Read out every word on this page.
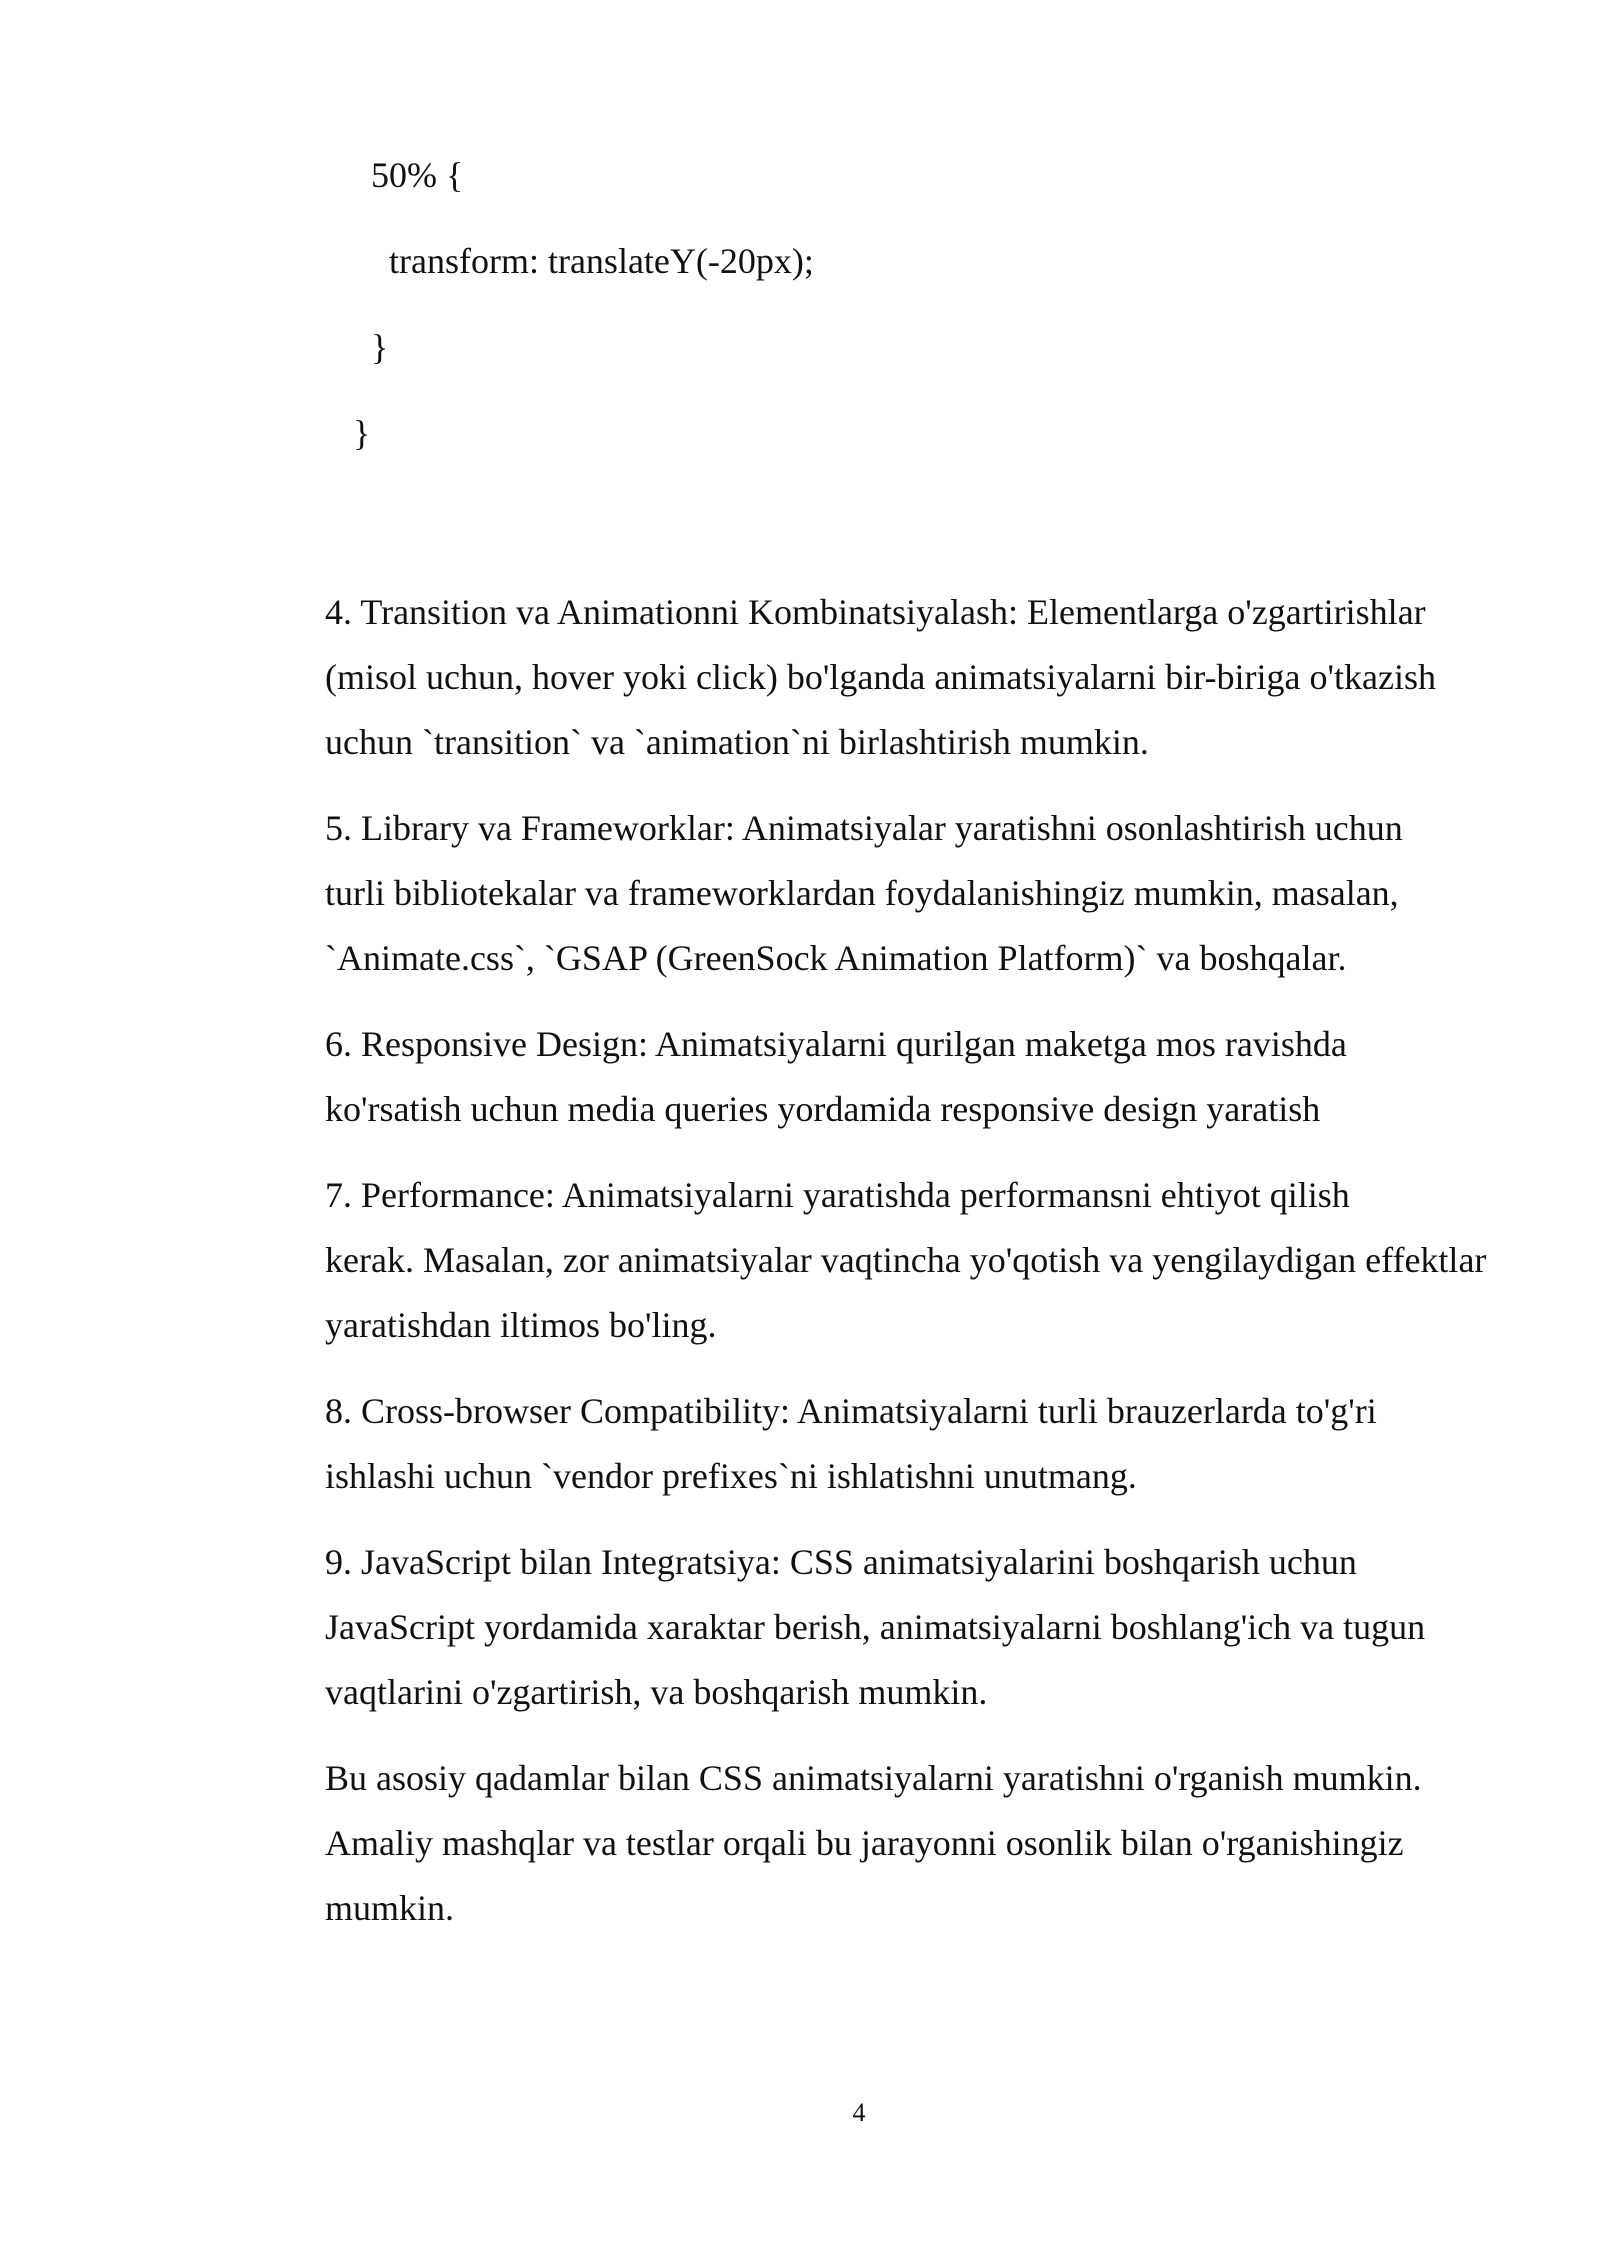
50% {
transform: translateY(-20px);
}
}

4. Transition va Animationni Kombinatsiyalash: Elementlarga o'zgartirishlar
(misol uchun, hover yoki click) bo'lganda animatsiyalarni bir-biriga o'tkazish
uchun `transition` va `animation`ni birlashtirish mumkin.

5. Library va Frameworklar: Animatsiyalar yaratishni osonlashtirish uchun
turli bibliotekalar va frameworklardan foydalanishingiz mumkin, masalan,
`Animate.css`, `GSAP (GreenSock Animation Platform)` va boshqalar.

6. Responsive Design: Animatsiyalarni qurilgan maketga mos ravishda
ko'rsatish uchun media queries yordamida responsive design yaratish

7. Performance: Animatsiyalarni yaratishda performansni ehtiyot qilish
kerak. Masalan, zor animatsiyalar vaqtincha yo'qotish va yengilaydigan effektlar
yaratishdan iltimos bo'ling.

8. Cross-browser Compatibility: Animatsiyalarni turli brauzerlarda to'g'ri
ishlashi uchun `vendor prefixes`ni ishlatishni unutmang.

9. JavaScript bilan Integratsiya: CSS animatsiyalarini boshqarish uchun
JavaScript yordamida xaraktar berish, animatsiyalarni boshlang'ich va tugun
vaqtlarini o'zgartirish, va boshqarish mumkin.

Bu asosiy qadamlar bilan CSS animatsiyalarni yaratishni o'rganish mumkin.
Amaliy mashqlar va testlar orqali bu jarayonni osonlik bilan o'rganishingiz
mumkin.

4
